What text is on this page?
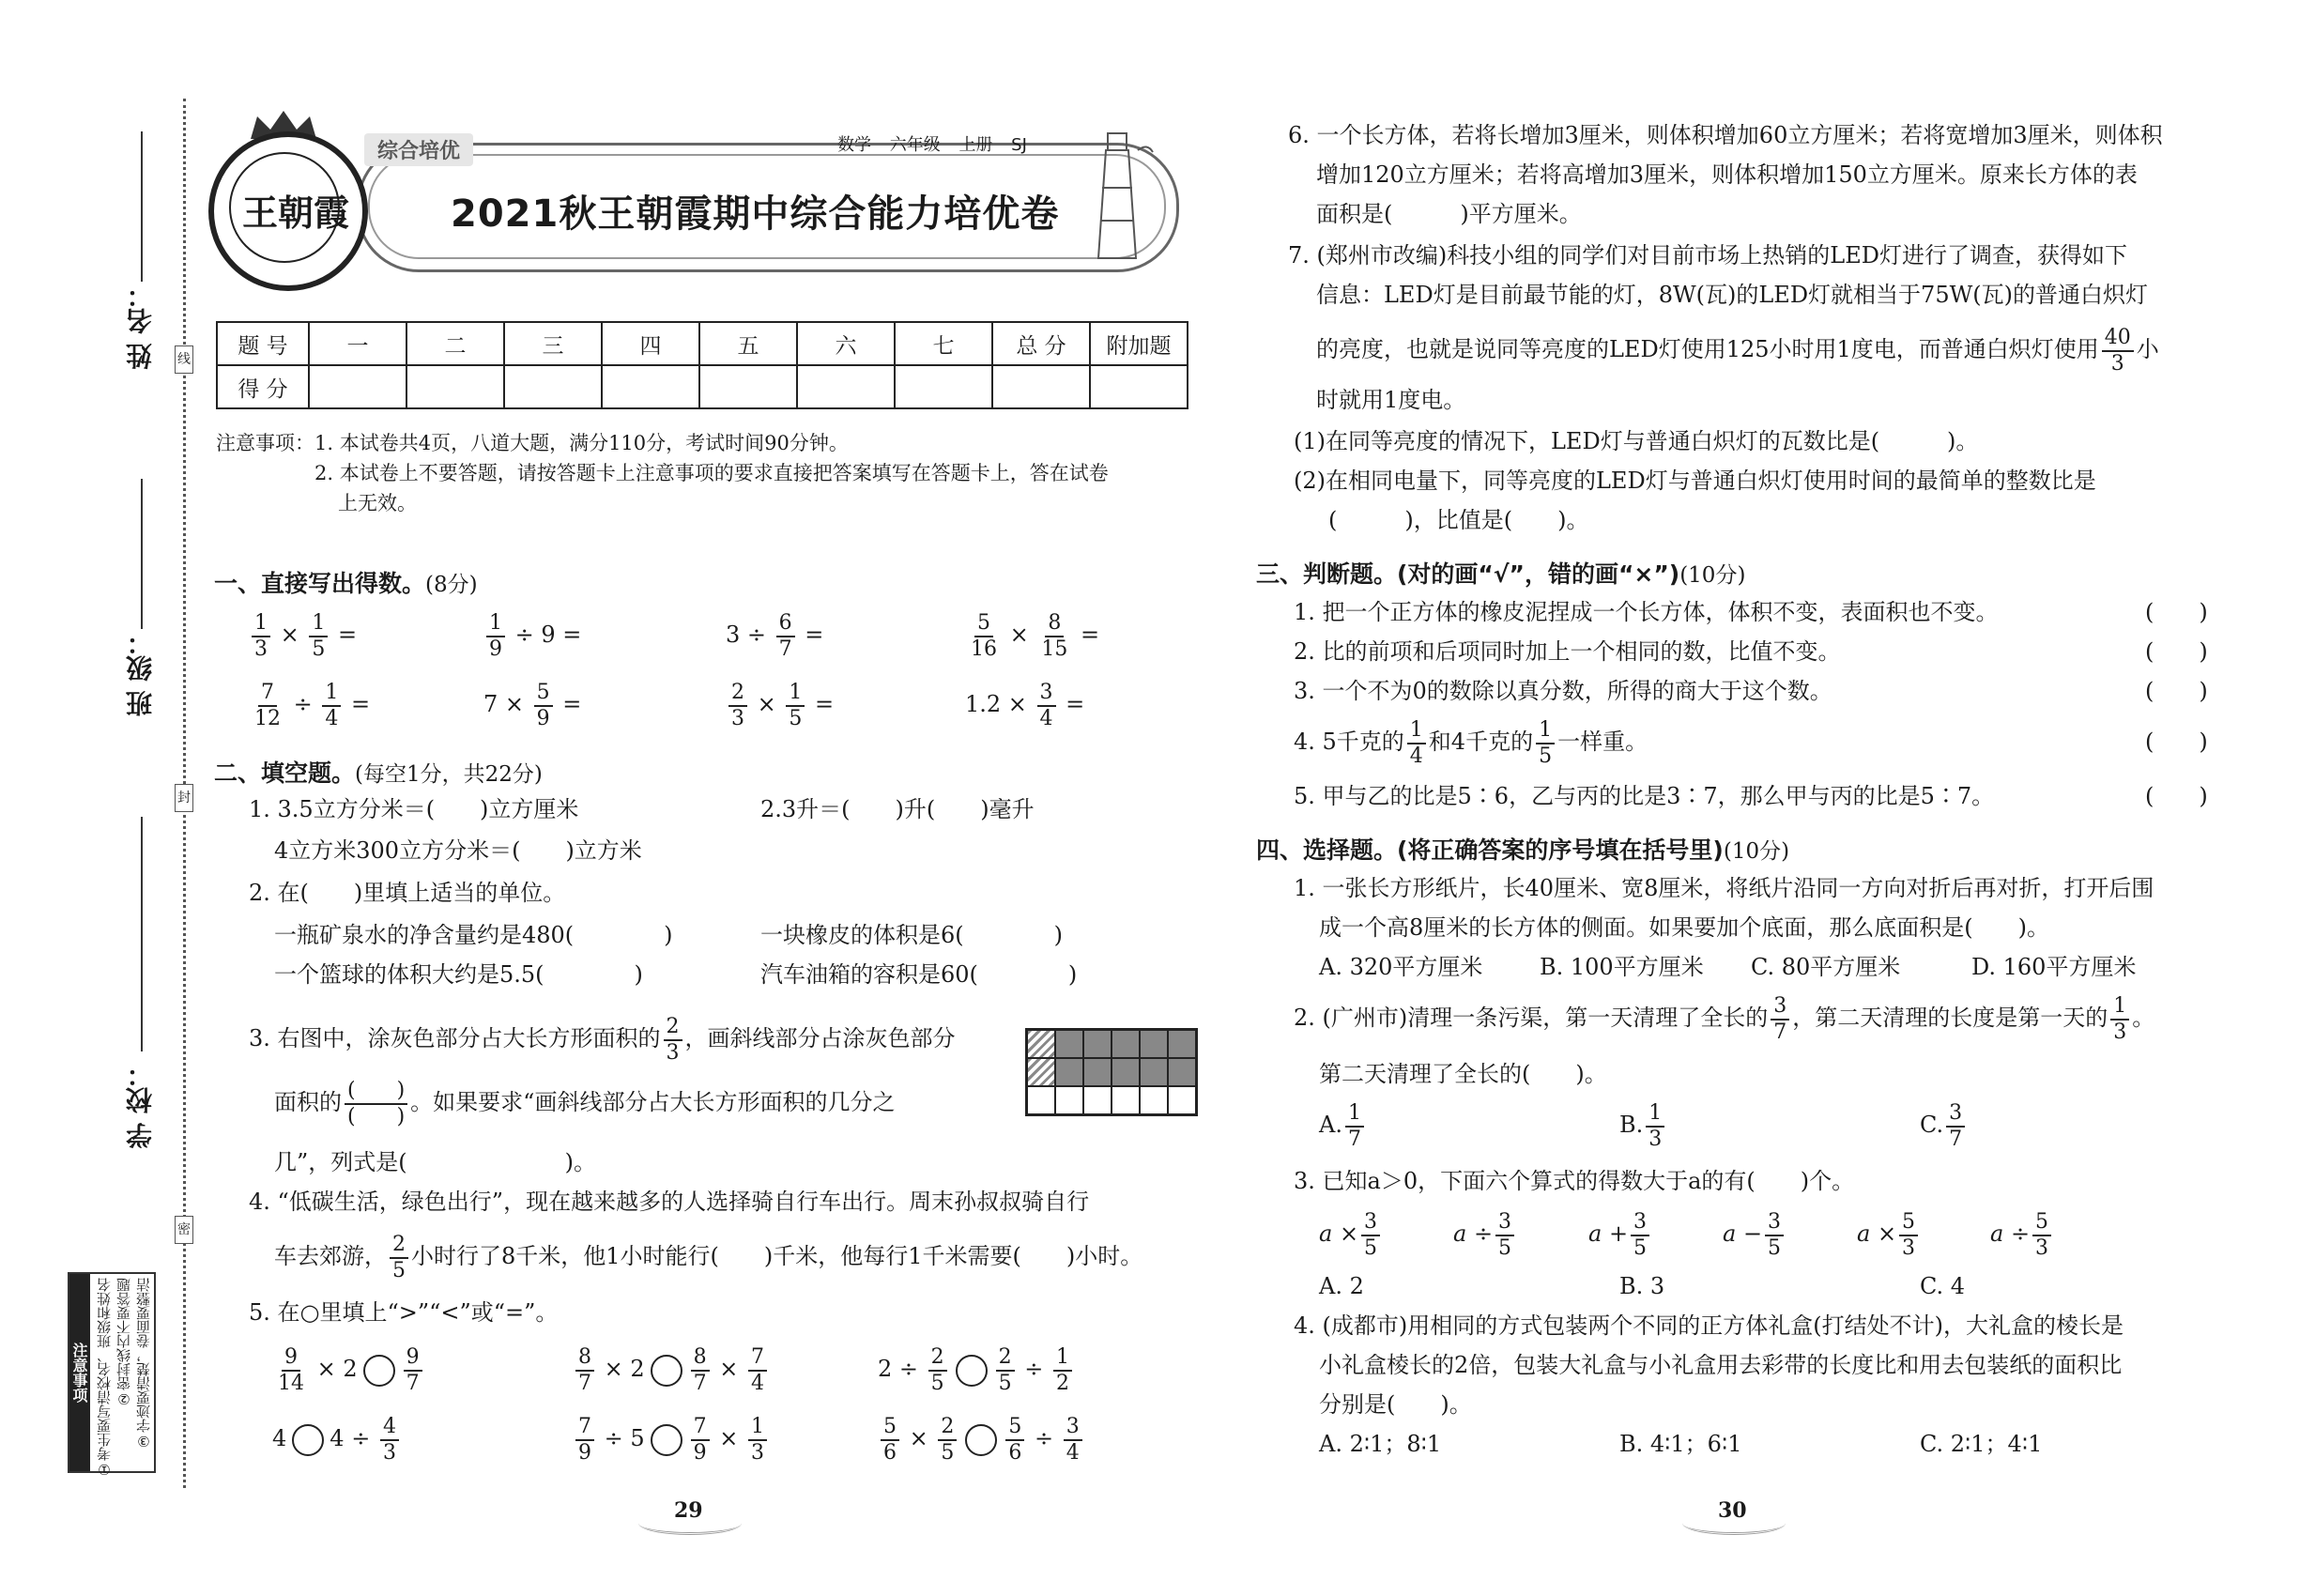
线
封
密
姓 名：
班 级：
学 校：
注意事项 ①考生要写清校名、班级和姓名 ②密封线内不要答题 ③字迹要清楚，卷面要整洁
综合培优	数学 六年级 上册 SJ
2021秋王朝霞期中综合能力培优卷
王朝霞
题 号	一	二	三	四	五	六	七	总 分	附加题
得 分									
注意事项： 1. 本试卷共4页，八道大题，满分110分，考试时间90分钟。
2. 本试卷上不要答题，请按答题卡上注意事项的要求直接把答案填写在答题卡上，答在试卷
上无效。
一、直接写出得数。(8分)
$\frac{1}{3} \times \frac{1}{5}$ =	$\frac{1}{9} \div 9$ =	$3 \div \frac{6}{7}$ =	$\frac{5}{16} \times \frac{8}{15}$ =
$\frac{7}{12} \div \frac{1}{4}$ =	$7 \times \frac{5}{9}$ =	$\frac{2}{3} \times \frac{1}{5}$ =	$1.2 \times \frac{3}{4}$ =
二、填空题。(每空1分，共22分)
1. 3.5立方分米＝(　　)立方厘米	2.3升＝(　　)升(　　)毫升
4立方米300立方分米＝(　　)立方米
2. 在(　　)里填上适当的单位。
一瓶矿泉水的净含量约是480(　　　　)	一块橡皮的体积是6(　　　　)
一个篮球的体积大约是5.5(　　　　)	汽车油箱的容积是60(　　　　)
3. 右图中，涂灰色部分占大长方形面积的 $\frac{2}{3}$ ，画斜线部分占涂灰色部分
面积的 $\frac{( )}{( )}$ 。如果要求“画斜线部分占大长方形面积的几分之
几”，列式是(　　　　　　　)。
4. “低碳生活，绿色出行”，现在越来越多的人选择骑自行车出行。周末孙叔叔骑自行
车去郊游， $\frac{2}{5}$ 小时行了8千米，他1小时能行(　　)千米，他每行1千米需要(　　)小时。
5. 在○里填上“>”“<”或“=”。
$\frac{9}{14} \times 2 \frac{9}{7}$	$\frac{8}{7} \times 2 \frac{8}{7} \times \frac{7}{4}$	$2 \div \frac{2}{5} \frac{2}{5} \div \frac{1}{2}$
4 $4 \div \frac{4}{3}$	$\frac{7}{9} \div 5 \frac{7}{9} \times \frac{1}{3}$	$\frac{5}{6} \times \frac{2}{5} \frac{5}{6} \div \frac{3}{4}$
29
6. 一个长方体，若将长增加3厘米，则体积增加60立方厘米；若将宽增加3厘米，则体积
增加120立方厘米；若将高增加3厘米，则体积增加150立方厘米。原来长方体的表
面积是(　　　)平方厘米。
7. (郑州市改编)科技小组的同学们对目前市场上热销的LED灯进行了调查，获得如下
信息：LED灯是目前最节能的灯，8W(瓦)的LED灯就相当于75W(瓦)的普通白炽灯
的亮度，也就是说同等亮度的LED灯使用125小时用1度电，而普通白炽灯使用 $\frac{40}{3}$ 小
时就用1度电。
(1)在同等亮度的情况下，LED灯与普通白炽灯的瓦数比是(　　　)。
(2)在相同电量下，同等亮度的LED灯与普通白炽灯使用时间的最简单的整数比是
(　　　)，比值是(　　)。
三、判断题。(对的画“√”，错的画“×”)(10分)
1. 把一个正方体的橡皮泥捏成一个长方体，体积不变，表面积也不变。	(　　)
2. 比的前项和后项同时加上一个相同的数，比值不变。	(　　)
3. 一个不为0的数除以真分数，所得的商大于这个数。	(　　)
4. 5千克的 $\frac{1}{4}$ 和4千克的 $\frac{1}{5}$ 一样重。	(　　)
5. 甲与乙的比是5∶6，乙与丙的比是3∶7，那么甲与丙的比是5∶7。	(　　)
四、选择题。(将正确答案的序号填在括号里)(10分)
1. 一张长方形纸片，长40厘米、宽8厘米，将纸片沿同一方向对折后再对折，打开后围
成一个高8厘米的长方体的侧面。如果要加个底面，那么底面积是(　　)。
A. 320平方厘米	B. 100平方厘米 C. 80平方厘米	D. 160平方厘米
2. (广州市)清理一条污渠，第一天清理了全长的 $\frac{3}{7}$ ，第二天清理的长度是第一天的 $\frac{1}{3}$ 。
第二天清理了全长的(　　)。
A. $\frac{1}{7}$	B. $\frac{1}{3}$	C. $\frac{3}{7}$
3. 已知a＞0，下面六个算式的得数大于a的有(　　)个。
$a \times \frac{3}{5}$	$a \div \frac{3}{5}$	$a + \frac{3}{5}$	$a - \frac{3}{5}$	$a \times \frac{5}{3}$	$a \div \frac{5}{3}$
A. 2	B. 3	C. 4
4. (成都市)用相同的方式包装两个不同的正方体礼盒(打结处不计)，大礼盒的棱长是
小礼盒棱长的2倍，包装大礼盒与小礼盒用去彩带的长度比和用去包装纸的面积比
分别是(　　)。
A. 2∶1；8∶1	B. 4∶1；6∶1	C. 2∶1；4∶1
30
